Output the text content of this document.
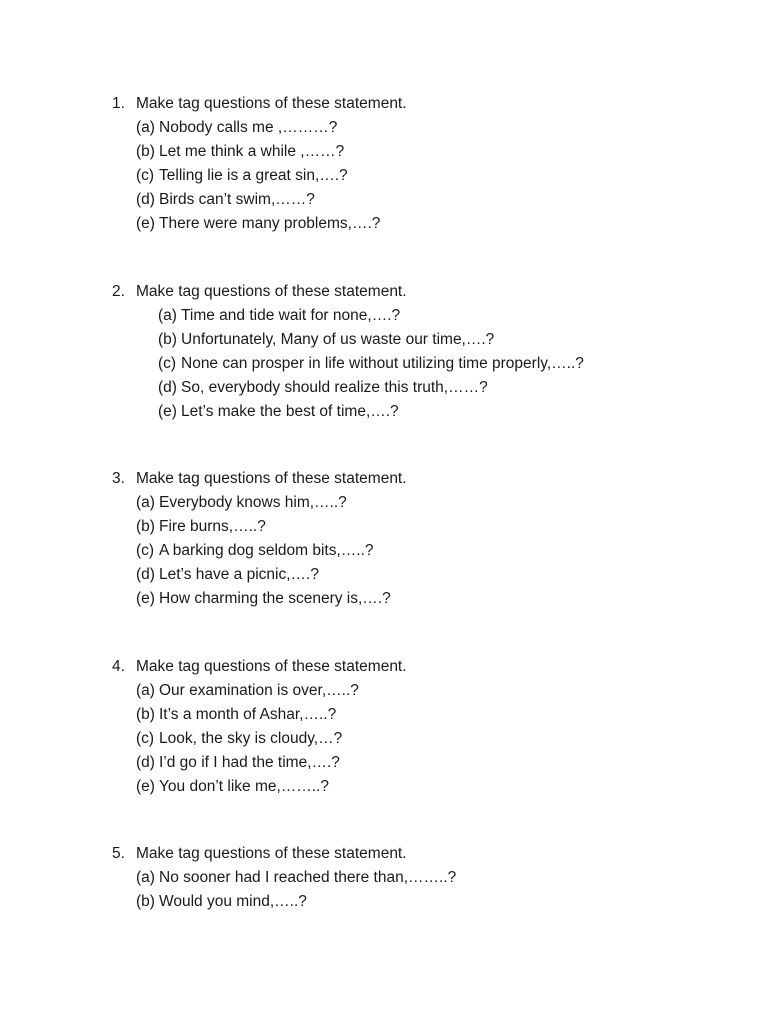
1. Make tag questions of these statement.
(a) Nobody calls me ,………?
(b) Let me think a while ,……?
(c) Telling lie is a great sin,….?
(d) Birds can’t swim,……?
(e) There were many problems,….?
2. Make tag questions of these statement.
(a) Time and tide wait for none,….?
(b) Unfortunately, Many of us waste our time,….?
(c) None can prosper in life without utilizing time properly,…..?
(d) So, everybody should realize this truth,……?
(e) Let’s make the best of time,….?
3. Make tag questions of these statement.
(a) Everybody knows him,…..?
(b) Fire burns,…..?
(c) A barking dog seldom bits,…..?
(d) Let’s have a picnic,….?
(e) How charming the scenery is,….?
4. Make tag questions of these statement.
(a) Our examination is over,…..?
(b) It’s a month of Ashar,…..?
(c) Look, the sky is cloudy,…?
(d) I’d go if I had the time,….?
(e) You don’t like me,……..?
5. Make tag questions of these statement.
(a) No sooner had I reached there than,……..?
(b) Would you mind,…..?
